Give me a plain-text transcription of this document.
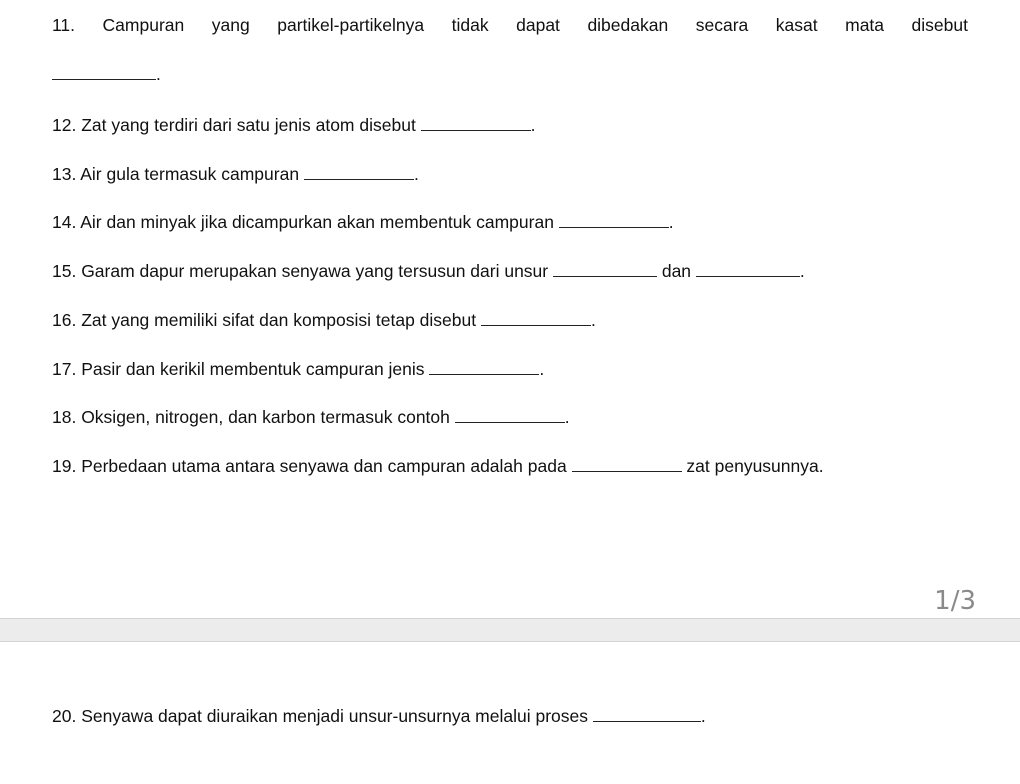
11. Campuran yang partikel-partikelnya tidak dapat dibedakan secara kasat mata disebut
.
12. Zat yang terdiri dari satu jenis atom disebut	.
13. Air gula termasuk campuran	.
14. Air dan minyak jika dicampurkan akan membentuk campuran	.
15. Garam dapur merupakan senyawa yang tersusun dari unsur	dan	.
16. Zat yang memiliki sifat dan komposisi tetap disebut	.
17. Pasir dan kerikil membentuk campuran jenis	.
18. Oksigen, nitrogen, dan karbon termasuk contoh	.
19. Perbedaan utama antara senyawa dan campuran adalah pada	zat penyusunnya.
1/3
20. Senyawa dapat diuraikan menjadi unsur-unsurnya melalui proses	.
